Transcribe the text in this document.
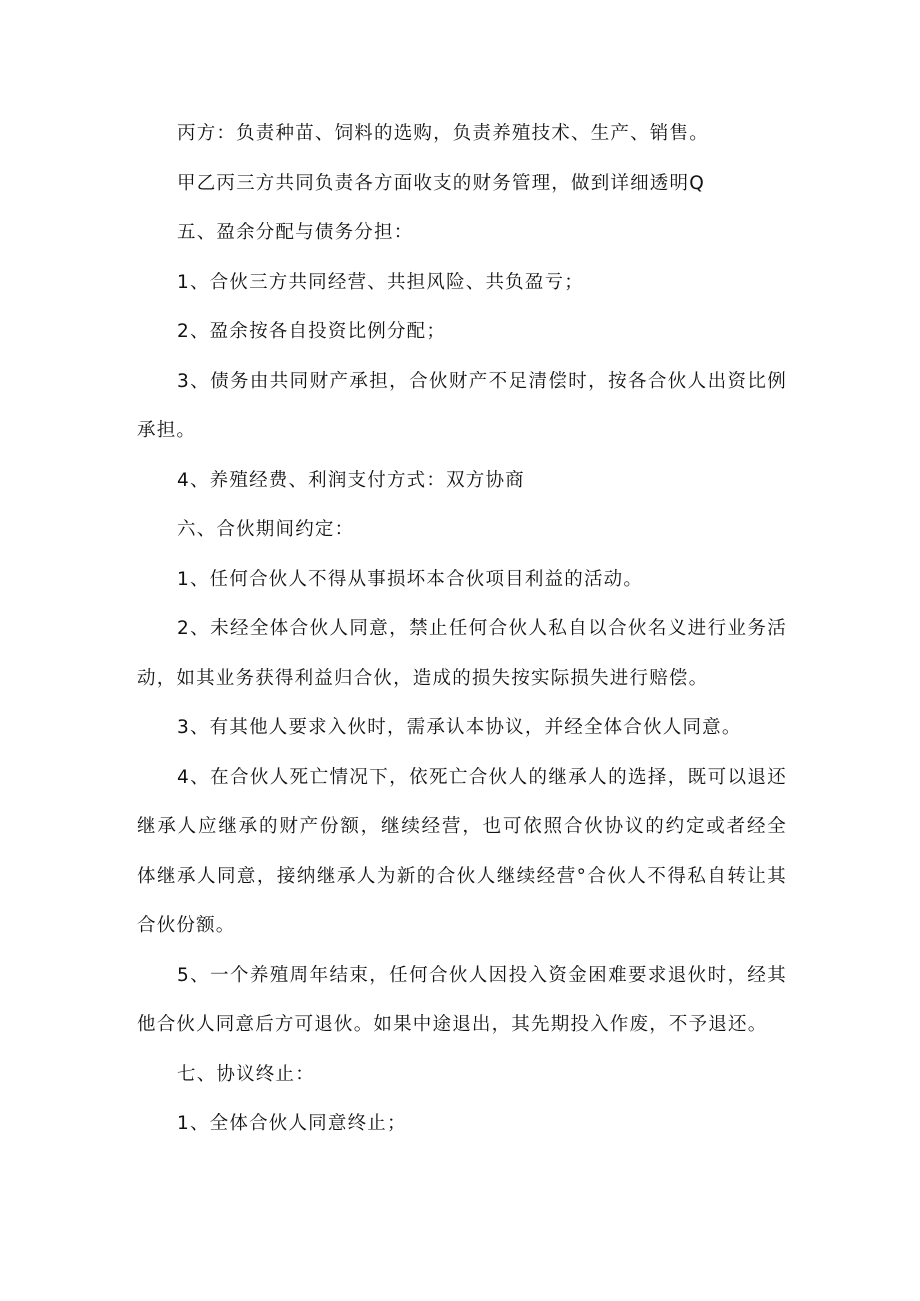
丙方：负责种苗、饲料的选购，负责养殖技术、生产、销售。

甲乙丙三方共同负责各方面收支的财务管理，做到详细透明Q

五、盈余分配与债务分担：

1、合伙三方共同经营、共担风险、共负盈亏；

2、盈余按各自投资比例分配；

3、债务由共同财产承担，合伙财产不足清偿时，按各合伙人出资比例承担。

4、养殖经费、利润支付方式：双方协商

六、合伙期间约定：

1、任何合伙人不得从事损坏本合伙项目利益的活动。

2、未经全体合伙人同意，禁止任何合伙人私自以合伙名义进行业务活动，如其业务获得利益归合伙，造成的损失按实际损失进行赔偿。

3、有其他人要求入伙时，需承认本协议，并经全体合伙人同意。

4、在合伙人死亡情况下，依死亡合伙人的继承人的选择，既可以退还继承人应继承的财产份额，继续经营，也可依照合伙协议的约定或者经全体继承人同意，接纳继承人为新的合伙人继续经营°合伙人不得私自转让其合伙份额。

5、一个养殖周年结束，任何合伙人因投入资金困难要求退伙时，经其他合伙人同意后方可退伙。如果中途退出，其先期投入作废，不予退还。

七、协议终止：

1、全体合伙人同意终止；
